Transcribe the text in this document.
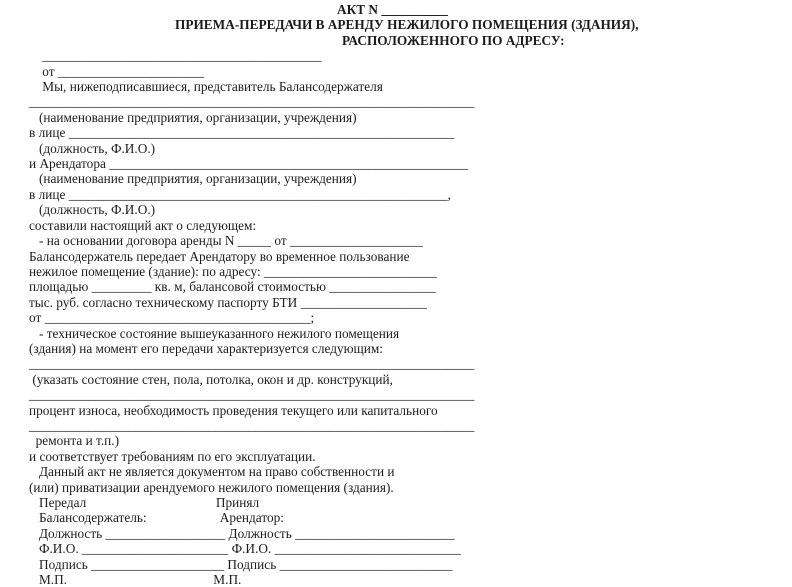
АКТ N __________
ПРИЕМА-ПЕРЕДАЧИ В АРЕНДУ НЕЖИЛОГО ПОМЕЩЕНИЯ (ЗДАНИЯ),
РАСПОЛОЖЕННОГО ПО АДРЕСУ:
__________________________________________
от ______________________
Мы, нижеподписавшиеся, представитель Балансодержателя
___________________________________________________________________
(наименование предприятия, организации, учреждения)
в лице __________________________________________________________
(должность, Ф.И.О.)
и Арендатора ______________________________________________________
(наименование предприятия, организации, учреждения)
в лице _________________________________________________________,
(должность, Ф.И.О.)
составили настоящий акт о следующем:
- на основании договора аренды N _____ от ____________________
Балансодержатель передает Арендатору во временное пользование
нежилое помещение (здание): по адресу: __________________________
площадью _________ кв. м, балансовой стоимостью ________________
тыс. руб. согласно техническому паспорту БТИ ___________________
от ________________________________________;
- техническое состояние вышеуказанного нежилого помещения
(здания) на момент его передачи характеризуется следующим:
___________________________________________________________________
(указать состояние стен, пола, потолка, окон и др. конструкций,
___________________________________________________________________
процент износа, необходимость проведения текущего или капитального
___________________________________________________________________
ремонта и т.п.)
и соответствует требованиям по его эксплуатации.
Данный акт не является документом на право собственности и
(или) приватизации арендуемого нежилого помещения (здания).
Передал                                       Принял
Балансодержатель:                      Арендатор:
Должность __________________ Должность ________________________
Ф.И.О. ______________________ Ф.И.О. ____________________________
Подпись ____________________ Подпись __________________________
М.П.                                            М.П.
